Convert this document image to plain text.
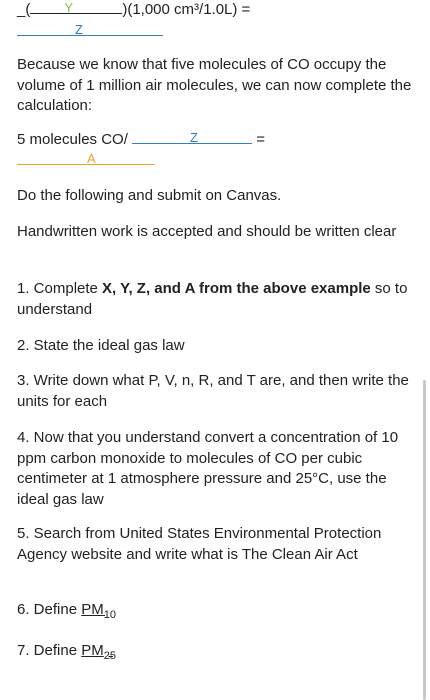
_(	Y	)(1,000 cm³/1.0L) =
Z
Because we know that five molecules of CO occupy the volume of 1 million air molecules, we can now complete the calculation:
5 molecules CO/	Z	=
A
Do the following and submit on Canvas.
Handwritten work is accepted and should be written clear
1. Complete X, Y, Z, and A from the above example so to understand
2. State the ideal gas law
3. Write down what P, V, n, R, and T are, and then write the units for each
4. Now that you understand convert a concentration of 10 ppm carbon monoxide to molecules of CO per cubic centimeter at 1 atmosphere pressure and 25°C, use the ideal gas law
5. Search from United States Environmental Protection Agency website and write what is The Clean Air Act
6. Define $PM_{10}$
7. Define $PM_{25}$
